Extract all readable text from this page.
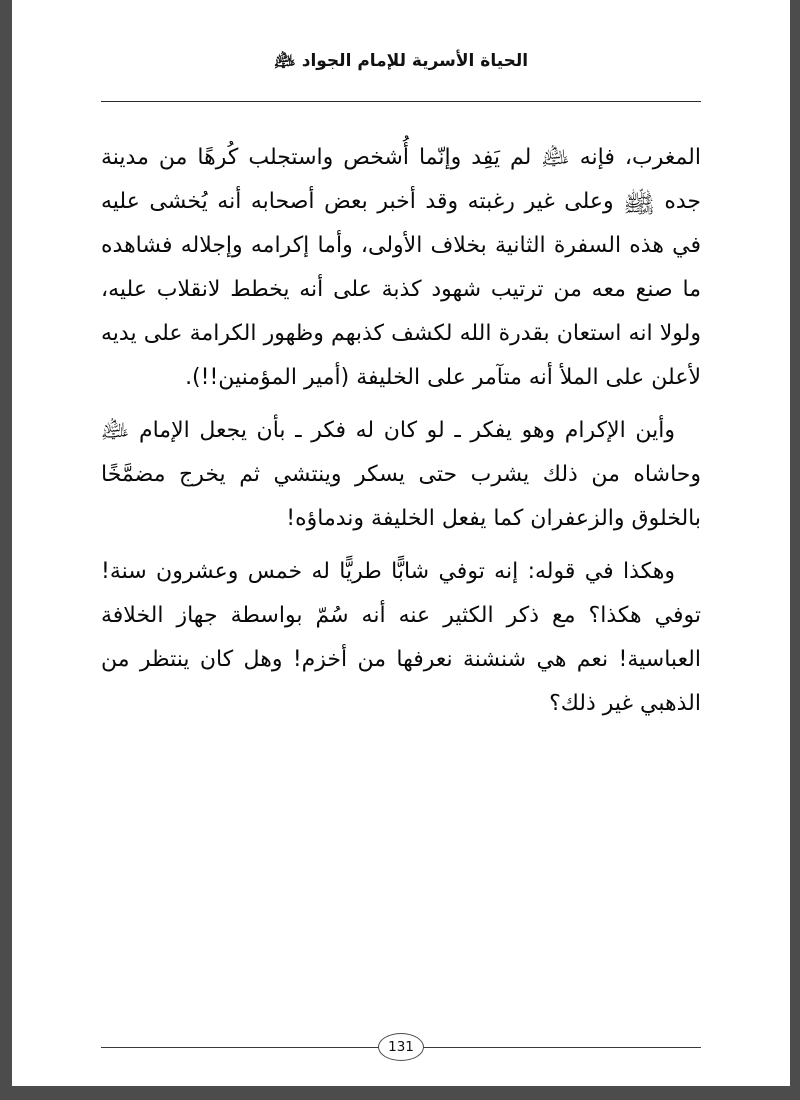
الحياة الأسرية للإمام الجواد ﵇

المغرب، فإنه ﵇ لم يَفِد وإنّما أُشخص واستجلب كُرهًا من مدينة جده ﵌ وعلى غير رغبته وقد أخبر بعض أصحابه أنه يُخشى عليه في هذه السفرة الثانية بخلاف الأولى، وأما إكرامه وإجلاله فشاهده ما صنع معه من ترتيب شهود كذبة على أنه يخطط لانقلاب عليه، ولولا انه استعان بقدرة الله لكشف كذبهم وظهور الكرامة على يديه لأعلن على الملأ أنه متآمر على الخليفة (أمير المؤمنين!!).

وأين الإكرام وهو يفكر ـ لو كان له فكر ـ بأن يجعل الإمام ﵇ وحاشاه من ذلك يشرب حتى يسكر وينتشي ثم يخرج مضمَّخًا بالخلوق والزعفران كما يفعل الخليفة وندماؤه!

وهكذا في قوله: إنه توفي شابًّا طريًّا له خمس وعشرون سنة! توفي هكذا؟ مع ذكر الكثير عنه أنه سُمّ بواسطة جهاز الخلافة العباسية! نعم هي شنشنة نعرفها من أخزم! وهل كان ينتظر من الذهبي غير ذلك؟

131
